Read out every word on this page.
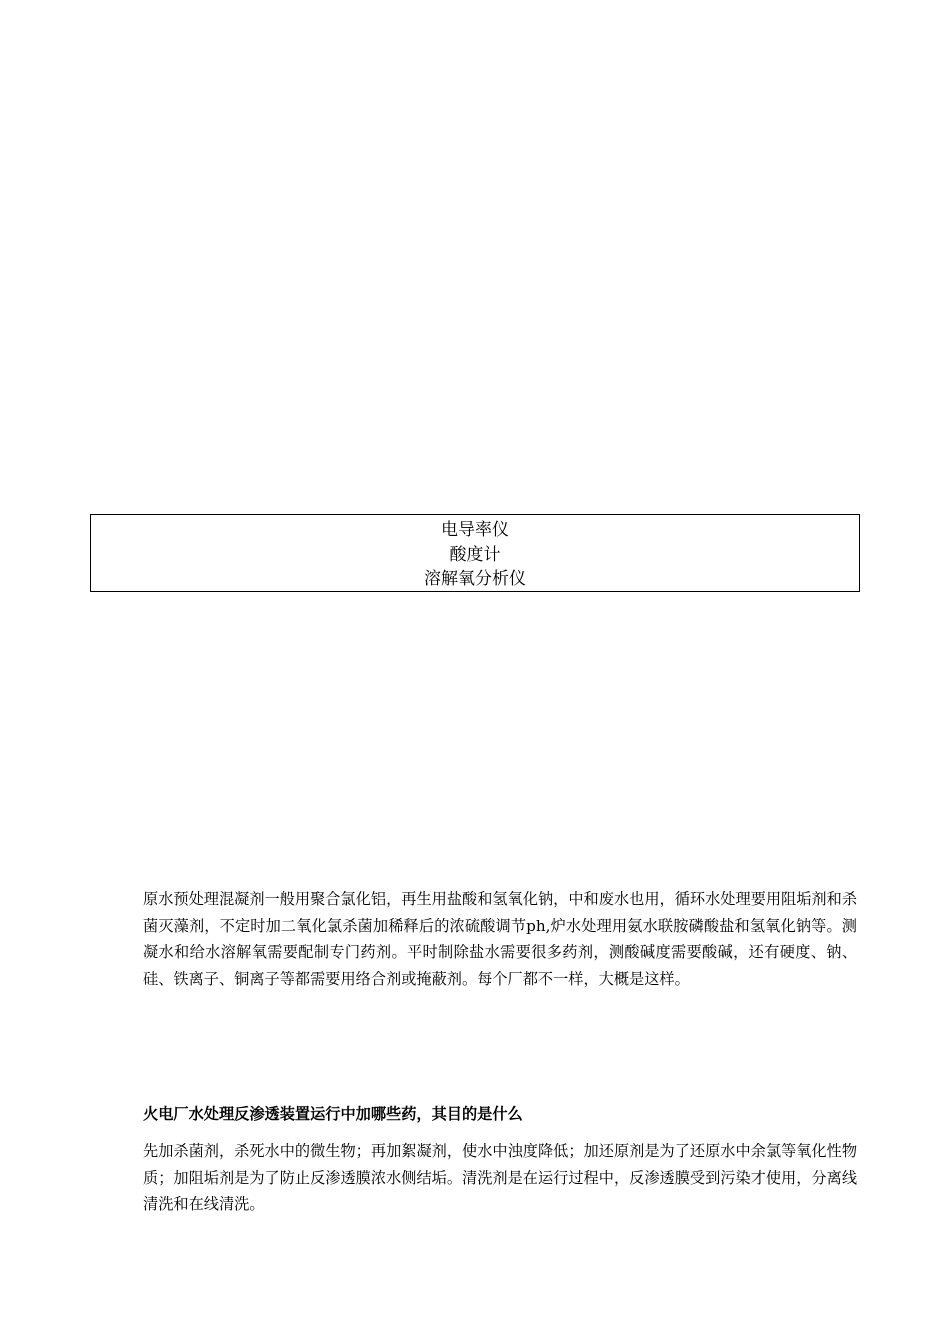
电导率仪
酸度计
溶解氧分析仪

原水预处理混凝剂一般用聚合氯化铝，再生用盐酸和氢氧化钠，中和废水也用，循环水处理要用阻垢剂和杀菌灭藻剂，不定时加二氧化氯杀菌加稀释后的浓硫酸调节ph,炉水处理用氨水联胺磷酸盐和氢氧化钠等。测凝水和给水溶解氧需要配制专门药剂。平时制除盐水需要很多药剂，测酸碱度需要酸碱，还有硬度、钠、硅、铁离子、铜离子等都需要用络合剂或掩蔽剂。每个厂都不一样，大概是这样。

火电厂水处理反渗透装置运行中加哪些药，其目的是什么

先加杀菌剂，杀死水中的微生物；再加絮凝剂，使水中浊度降低；加还原剂是为了还原水中余氯等氧化性物质；加阻垢剂是为了防止反渗透膜浓水侧结垢。清洗剂是在运行过程中，反渗透膜受到污染才使用，分离线清洗和在线清洗。
